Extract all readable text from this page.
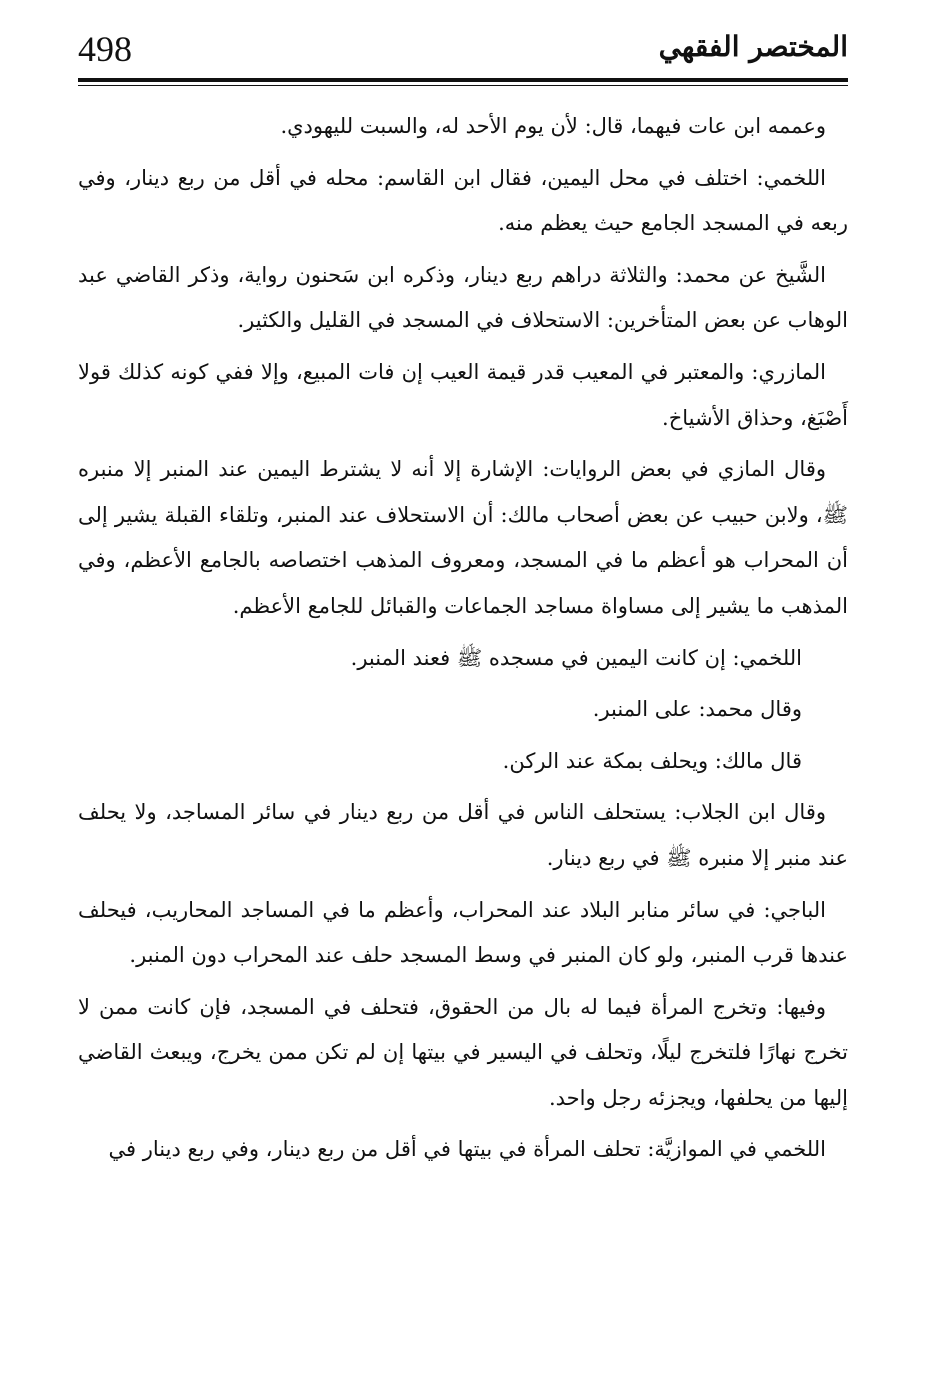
498	المختصر الفقهي

وعممه ابن عات فيهما، قال: لأن يوم الأحد له، والسبت لليهودي.

اللخمي: اختلف في محل اليمين، فقال ابن القاسم: محله في أقل من ربع دينار، وفي ربعه في المسجد الجامع حيث يعظم منه.

الشَّيخ عن محمد: والثلاثة دراهم ربع دينار، وذكره ابن سَحنون رواية، وذكر القاضي عبد الوهاب عن بعض المتأخرين: الاستحلاف في المسجد في القليل والكثير.

المازري: والمعتبر في المعيب قدر قيمة العيب إن فات المبيع، وإلا ففي كونه كذلك قولا أَصْبَغ، وحذاق الأشياخ.

وقال المازي في بعض الروايات: الإشارة إلا أنه لا يشترط اليمين عند المنبر إلا منبره ﷺ، ولابن حبيب عن بعض أصحاب مالك: أن الاستحلاف عند المنبر، وتلقاء القبلة يشير إلى أن المحراب هو أعظم ما في المسجد، ومعروف المذهب اختصاصه بالجامع الأعظم، وفي المذهب ما يشير إلى مساواة مساجد الجماعات والقبائل للجامع الأعظم.

اللخمي: إن كانت اليمين في مسجده ﷺ فعند المنبر.

وقال محمد: على المنبر.

قال مالك: ويحلف بمكة عند الركن.

وقال ابن الجلاب: يستحلف الناس في أقل من ربع دينار في سائر المساجد، ولا يحلف عند منبر إلا منبره ﷺ في ربع دينار.

الباجي: في سائر منابر البلاد عند المحراب، وأعظم ما في المساجد المحاريب، فيحلف عندها قرب المنبر، ولو كان المنبر في وسط المسجد حلف عند المحراب دون المنبر.

وفيها: وتخرج المرأة فيما له بال من الحقوق، فتحلف في المسجد، فإن كانت ممن لا تخرج نهارًا فلتخرج ليلًا، وتحلف في اليسير في بيتها إن لم تكن ممن يخرج، ويبعث القاضي إليها من يحلفها، ويجزئه رجل واحد.

اللخمي في الموازيَّة: تحلف المرأة في بيتها في أقل من ربع دينار، وفي ربع دينار في
